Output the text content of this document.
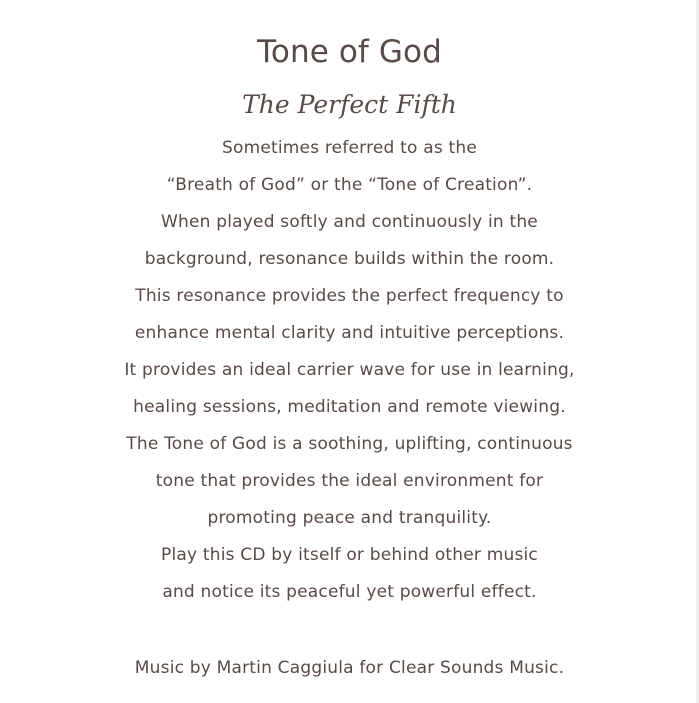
Tone of God
The Perfect Fifth
Sometimes referred to as the
“Breath of God” or the “Tone of Creation”.
When played softly and continuously in the
background, resonance builds within the room.
This resonance provides the perfect frequency to
enhance mental clarity and intuitive perceptions.
It provides an ideal carrier wave for use in learning,
healing sessions, meditation and remote viewing.
The Tone of God is a soothing, uplifting, continuous
tone that provides the ideal environment for
promoting peace and tranquility.
Play this CD by itself or behind other music
and notice its peaceful yet powerful effect.
Music by Martin Caggiula for Clear Sounds Music.
